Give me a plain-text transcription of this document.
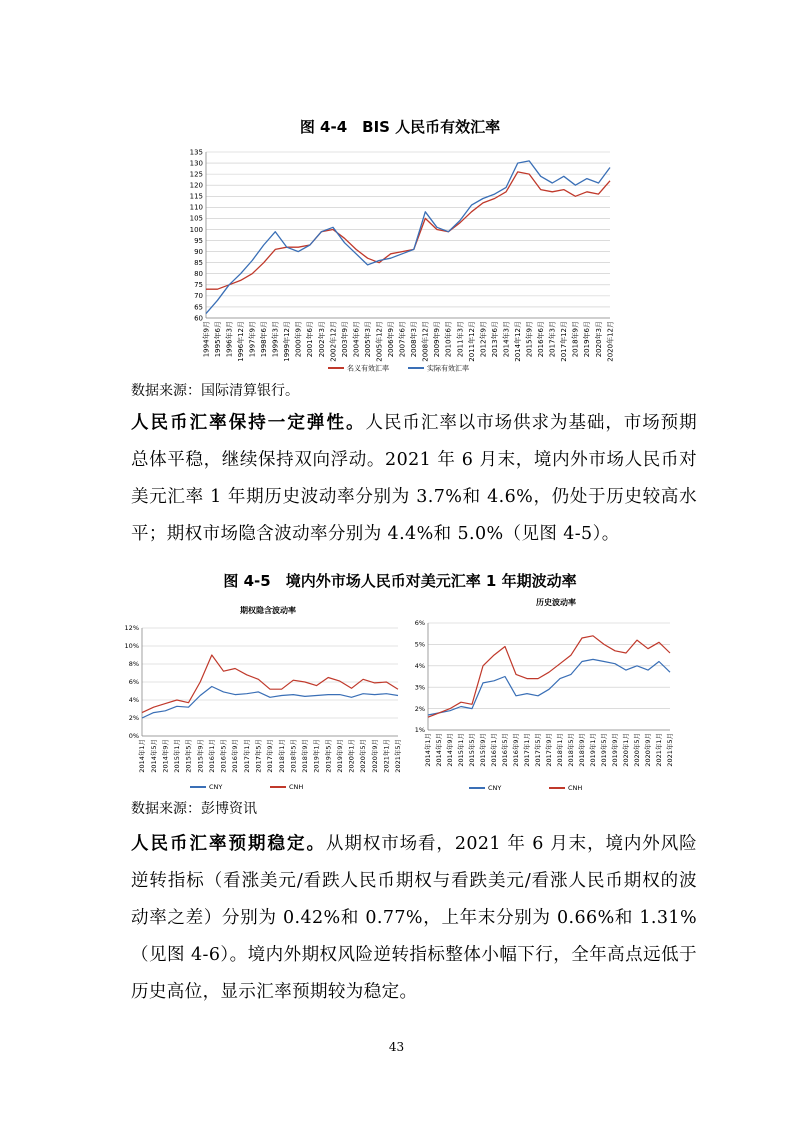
图 4-4　BIS 人民币有效汇率
60
65
70
75
80
85
90
95
100
105
110
115
120
125
130
135
1994年9月 1995年6月 1996年3月 1996年12月 1997年9月 1998年6月 1999年3月 1999年12月 2000年9月 2001年6月 2002年3月 2002年12月 2003年9月 2004年6月 2005年3月 2005年12月 2006年9月 2007年6月 2008年3月 2008年12月 2009年9月 2010年6月 2011年3月 2011年12月 2012年9月 2013年6月 2014年3月 2014年12月 2015年9月 2016年6月 2017年3月 2017年12月 2018年9月 2019年6月 2020年3月 2020年12月
名义有效汇率	实际有效汇率
数据来源：国际清算银行。
人民币汇率保持一定弹性。人民币汇率以市场供求为基础，市场预期总体平稳，继续保持双向浮动。2021 年 6 月末，境内外市场人民币对美元汇率 1 年期历史波动率分别为 3.7%和 4.6%，仍处于历史较高水平；期权市场隐含波动率分别为 4.4%和 5.0%（见图 4-5）。
图 4-5　境内外市场人民币对美元汇率 1 年期波动率
期权隐含波动率
0%
2%
4%
6%
8%
10%
12%
2014年1月 2014年5月 2014年9月 2015年1月 2015年5月 2015年9月 2016年1月 2016年5月 2016年9月 2017年1月 2017年5月 2017年9月 2018年1月 2018年5月 2018年9月 2019年1月 2019年5月 2019年9月 2020年1月 2020年5月 2020年9月 2021年1月 2021年5月
CNY	CNH
历史波动率
1%
2%
3%
4%
5%
6%
2014年1月 2014年5月 2014年9月 2015年1月 2015年5月 2015年9月 2016年1月 2016年5月 2016年9月 2017年1月 2017年5月 2017年9月 2018年1月 2018年5月 2018年9月 2019年1月 2019年5月 2019年9月 2020年1月 2020年5月 2020年9月 2021年1月 2021年5月
CNY	CNH
数据来源：彭博资讯
人民币汇率预期稳定。从期权市场看，2021 年 6 月末，境内外风险逆转指标（看涨美元/看跌人民币期权与看跌美元/看涨人民币期权的波动率之差）分别为 0.42%和 0.77%，上年末分别为 0.66%和 1.31%（见图 4-6）。境内外期权风险逆转指标整体小幅下行，全年高点远低于历史高位，显示汇率预期较为稳定。
43
